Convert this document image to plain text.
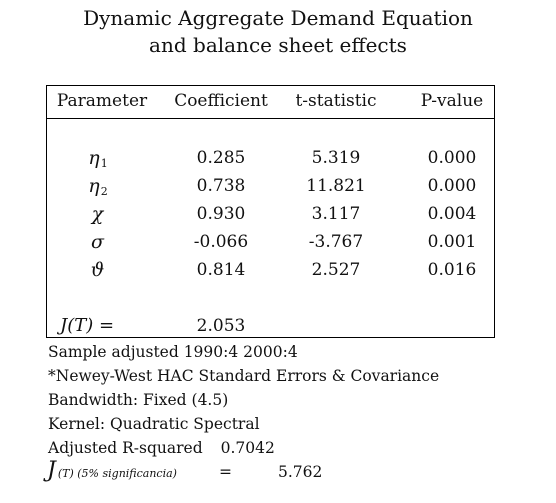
Dynamic Aggregate Demand Equation
and balance sheet effects
Parameter	Coefficient	t-statistic	P-value
$\eta_1$	0.285	5.319	0.000
$\eta_2$	0.738	11.821	0.000
χ	0.930	3.117	0.004
σ	-0.066	-3.767	0.001
ϑ	0.814	2.527	0.016
J(T) =	2.053
Sample adjusted 1990:4 2000:4
*Newey-West HAC Standard Errors & Covariance
Bandwidth: Fixed (4.5)
Kernel: Quadratic Spectral
Adjusted R-squared 0.7042
J (T) (5% significancia)	=	5.762
